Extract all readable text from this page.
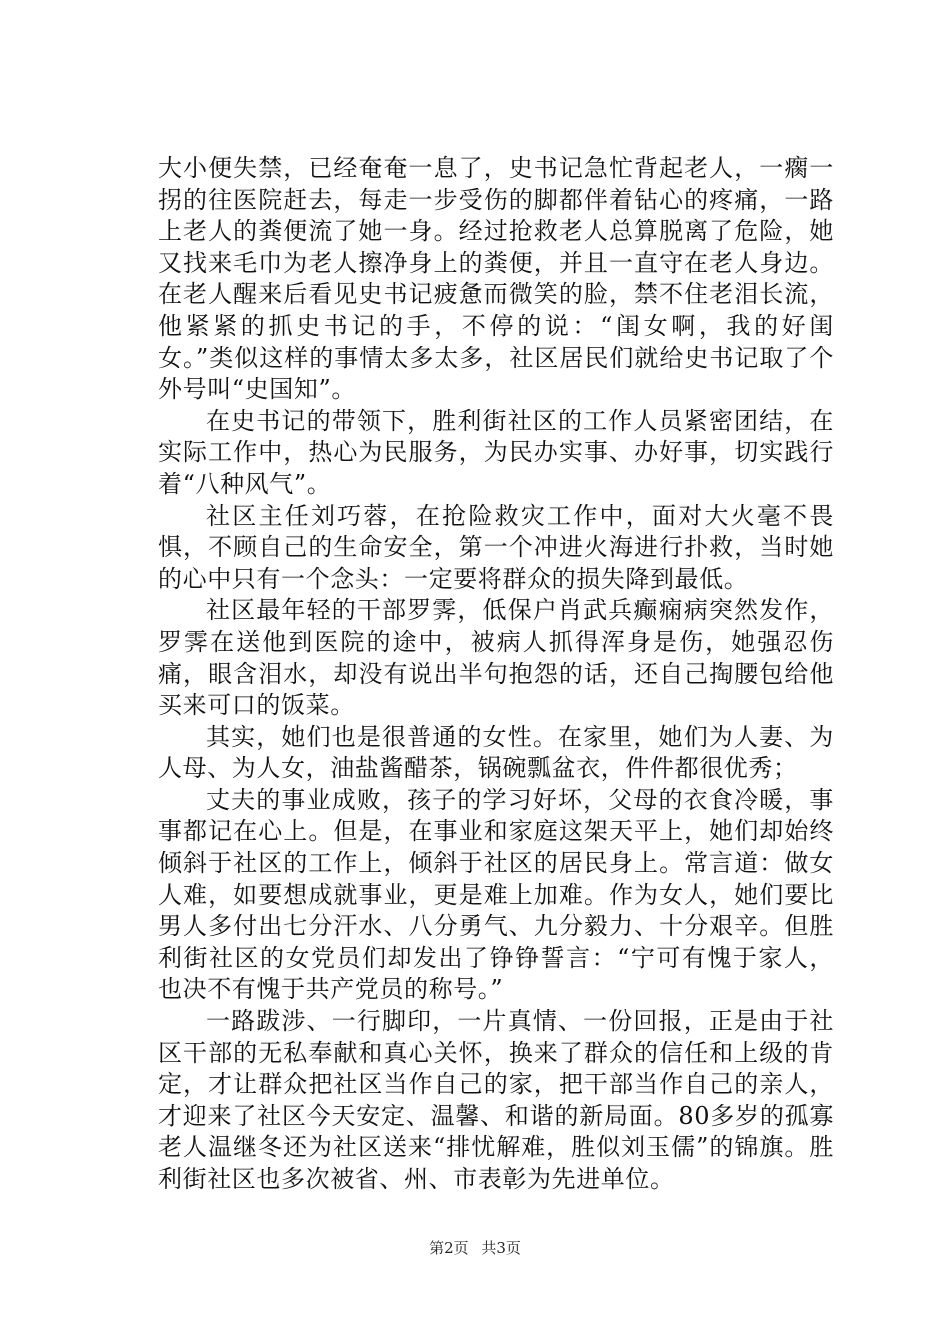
大小便失禁，已经奄奄一息了，史书记急忙背起老人，一瘸一拐的往医院赶去，每走一步受伤的脚都伴着钻心的疼痛，一路上老人的粪便流了她一身。经过抢救老人总算脱离了危险，她又找来毛巾为老人擦净身上的粪便，并且一直守在老人身边。在老人醒来后看见史书记疲惫而微笑的脸，禁不住老泪长流，他紧紧的抓史书记的手，不停的说：“闺女啊，我的好闺女。”类似这样的事情太多太多，社区居民们就给史书记取了个外号叫“史国知”。

在史书记的带领下，胜利街社区的工作人员紧密团结，在实际工作中，热心为民服务，为民办实事、办好事，切实践行着“八种风气”。

社区主任刘巧蓉，在抢险救灾工作中，面对大火毫不畏惧，不顾自己的生命安全，第一个冲进火海进行扑救，当时她的心中只有一个念头：一定要将群众的损失降到最低。

社区最年轻的干部罗霁，低保户肖武兵癫痫病突然发作，罗霁在送他到医院的途中，被病人抓得浑身是伤，她强忍伤痛，眼含泪水，却没有说出半句抱怨的话，还自己掏腰包给他买来可口的饭菜。

其实，她们也是很普通的女性。在家里，她们为人妻、为人母、为人女，油盐酱醋茶，锅碗瓢盆衣，件件都很优秀；

丈夫的事业成败，孩子的学习好坏，父母的衣食冷暖，事事都记在心上。但是，在事业和家庭这架天平上，她们却始终倾斜于社区的工作上，倾斜于社区的居民身上。常言道：做女人难，如要想成就事业，更是难上加难。作为女人，她们要比男人多付出七分汗水、八分勇气、九分毅力、十分艰辛。但胜利街社区的女党员们却发出了铮铮誓言：“宁可有愧于家人，也决不有愧于共产党员的称号。”

一路跋涉、一行脚印，一片真情、一份回报，正是由于社区干部的无私奉献和真心关怀，换来了群众的信任和上级的肯定，才让群众把社区当作自己的家，把干部当作自己的亲人，才迎来了社区今天安定、温馨、和谐的新局面。80多岁的孤寡老人温继冬还为社区送来“排忧解难，胜似刘玉儒”的锦旗。胜利街社区也多次被省、州、市表彰为先进单位。

第2页 共3页
